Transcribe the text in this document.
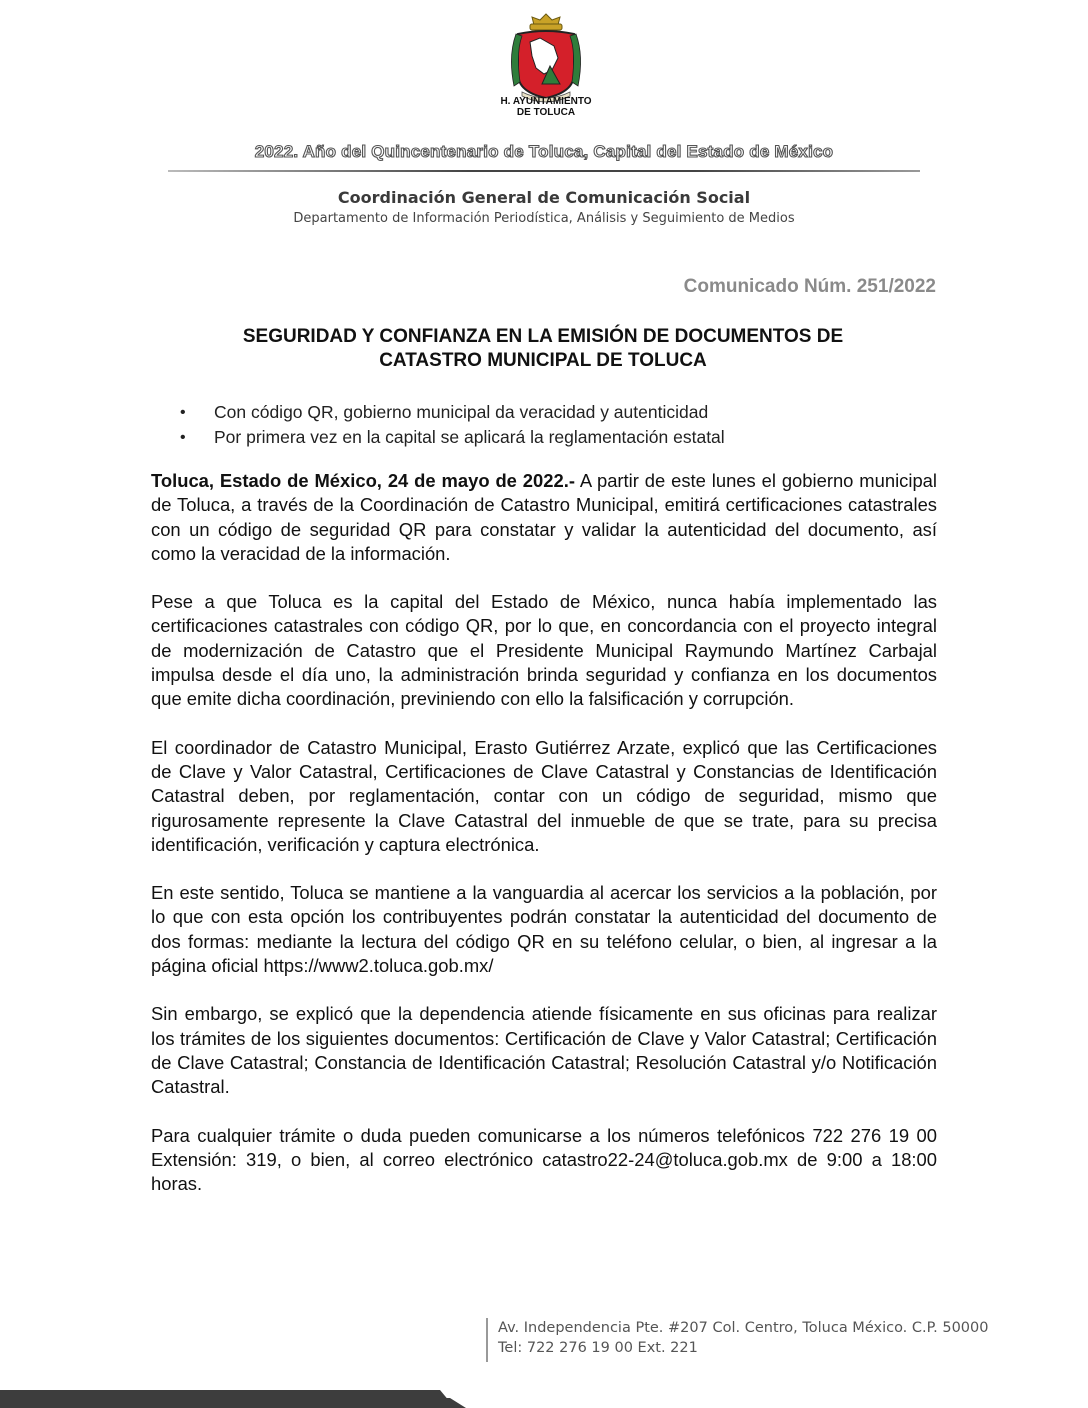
H. AYUNTAMIENTO
DE TOLUCA
2022. Año del Quincentenario de Toluca, Capital del Estado de México
Coordinación General de Comunicación Social
Departamento de Información Periodística, Análisis y Seguimiento de Medios
Comunicado Núm. 251/2022
SEGURIDAD Y CONFIANZA EN LA EMISIÓN DE DOCUMENTOS DE
CATASTRO MUNICIPAL DE TOLUCA
• Con código QR, gobierno municipal da veracidad y autenticidad
• Por primera vez en la capital se aplicará la reglamentación estatal

Toluca, Estado de México, 24 de mayo de 2022.- A partir de este lunes el gobierno municipal de Toluca, a través de la Coordinación de Catastro Municipal, emitirá certificaciones catastrales con un código de seguridad QR para constatar y validar la autenticidad del documento, así como la veracidad de la información.

Pese a que Toluca es la capital del Estado de México, nunca había implementado las certificaciones catastrales con código QR, por lo que, en concordancia con el proyecto integral de modernización de Catastro que el Presidente Municipal Raymundo Martínez Carbajal impulsa desde el día uno, la administración brinda seguridad y confianza en los documentos que emite dicha coordinación, previniendo con ello la falsificación y corrupción.

El coordinador de Catastro Municipal, Erasto Gutiérrez Arzate, explicó que las Certificaciones de Clave y Valor Catastral, Certificaciones de Clave Catastral y Constancias de Identificación Catastral deben, por reglamentación, contar con un código de seguridad, mismo que rigurosamente represente la Clave Catastral del inmueble de que se trate, para su precisa identificación, verificación y captura electrónica.

En este sentido, Toluca se mantiene a la vanguardia al acercar los servicios a la población, por lo que con esta opción los contribuyentes podrán constatar la autenticidad del documento de dos formas: mediante la lectura del código QR en su teléfono celular, o bien, al ingresar a la página oficial https://www2.toluca.gob.mx/

Sin embargo, se explicó que la dependencia atiende físicamente en sus oficinas para realizar los trámites de los siguientes documentos: Certificación de Clave y Valor Catastral; Certificación de Clave Catastral; Constancia de Identificación Catastral; Resolución Catastral y/o Notificación Catastral.

Para cualquier trámite o duda pueden comunicarse a los números telefónicos 722 276 19 00 Extensión: 319, o bien, al correo electrónico catastro22-24@toluca.gob.mx de 9:00 a 18:00 horas.

Av. Independencia Pte. #207 Col. Centro, Toluca México. C.P. 50000
Tel: 722 276 19 00 Ext. 221
